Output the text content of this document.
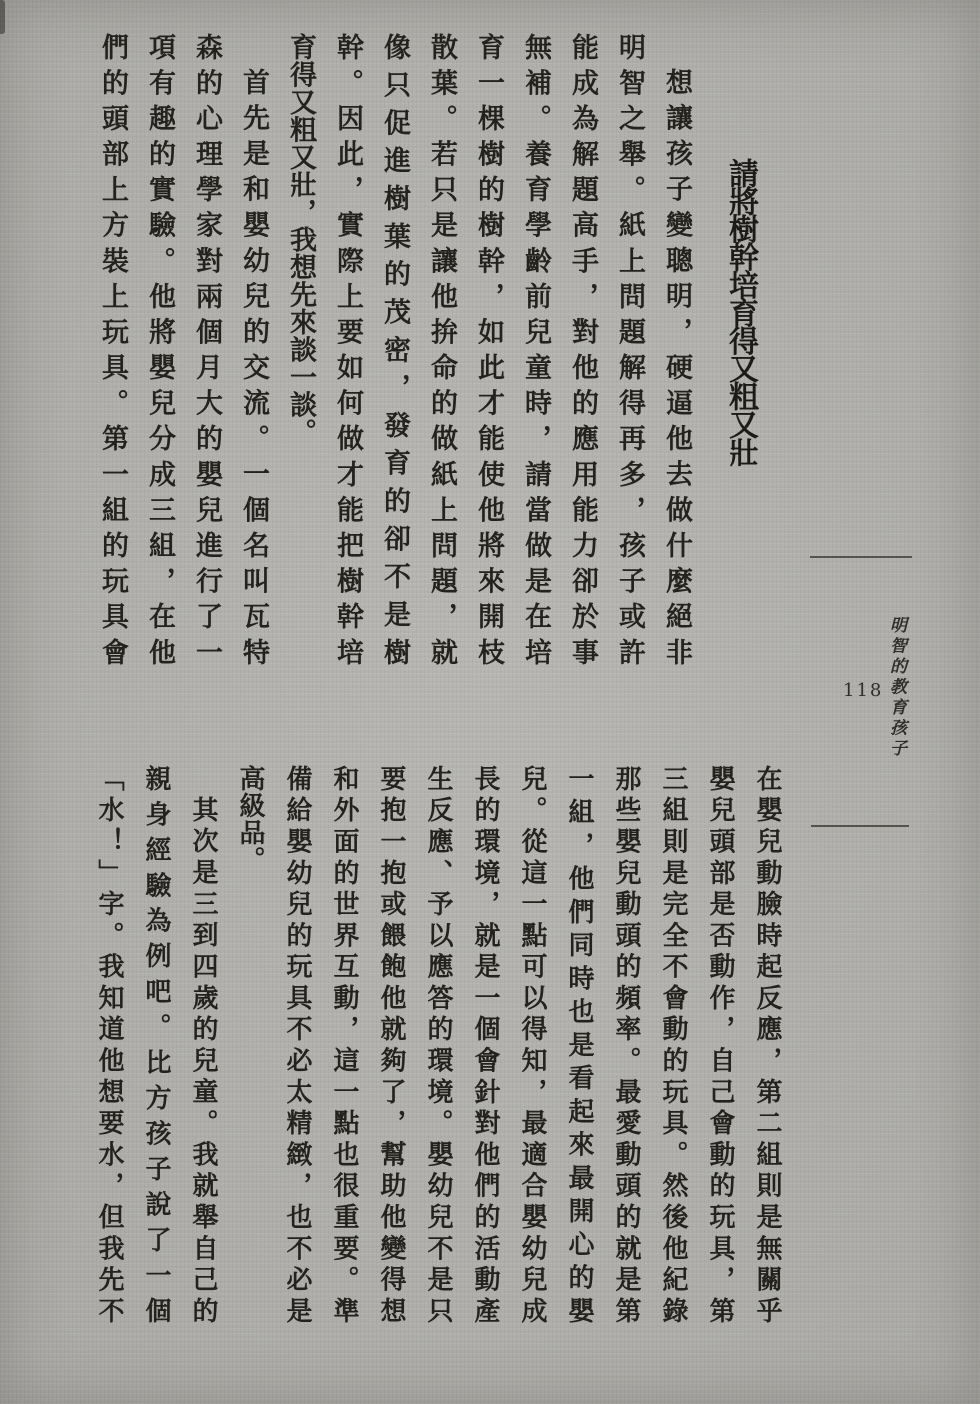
請將樹幹培育得又粗又壯
想讓孩子變聰明，硬逼他去做什麼絕非
明智之舉。紙上問題解得再多，孩子或許
能成為解題高手，對他的應用能力卻於事
無補。養育學齡前兒童時，請當做是在培
育一棵樹的樹幹，如此才能使他將來開枝
散葉。若只是讓他拚命的做紙上問題，就
像只促進樹葉的茂密，發育的卻不是樹
幹。因此，實際上要如何做才能把樹幹培
育得又粗又壯，我想先來談一談。
首先是和嬰幼兒的交流。一個名叫瓦特
森的心理學家對兩個月大的嬰兒進行了一
項有趣的實驗。他將嬰兒分成三組，在他
們的頭部上方裝上玩具。第一組的玩具會
明智的教育孩子
118
在嬰兒動臉時起反應，第二組則是無關乎
嬰兒頭部是否動作，自己會動的玩具，第
三組則是完全不會動的玩具。然後他紀錄
那些嬰兒動頭的頻率。最愛動頭的就是第
一組，他們同時也是看起來最開心的嬰
兒。從這一點可以得知，最適合嬰幼兒成
長的環境，就是一個會針對他們的活動產
生反應、予以應答的環境。嬰幼兒不是只
要抱一抱或餵飽他就夠了，幫助他變得想
和外面的世界互動，這一點也很重要。準
備給嬰幼兒的玩具不必太精緻，也不必是
高級品。
其次是三到四歲的兒童。我就舉自己的
親身經驗為例吧。比方孩子說了一個
「水！」字。我知道他想要水，但我先不
